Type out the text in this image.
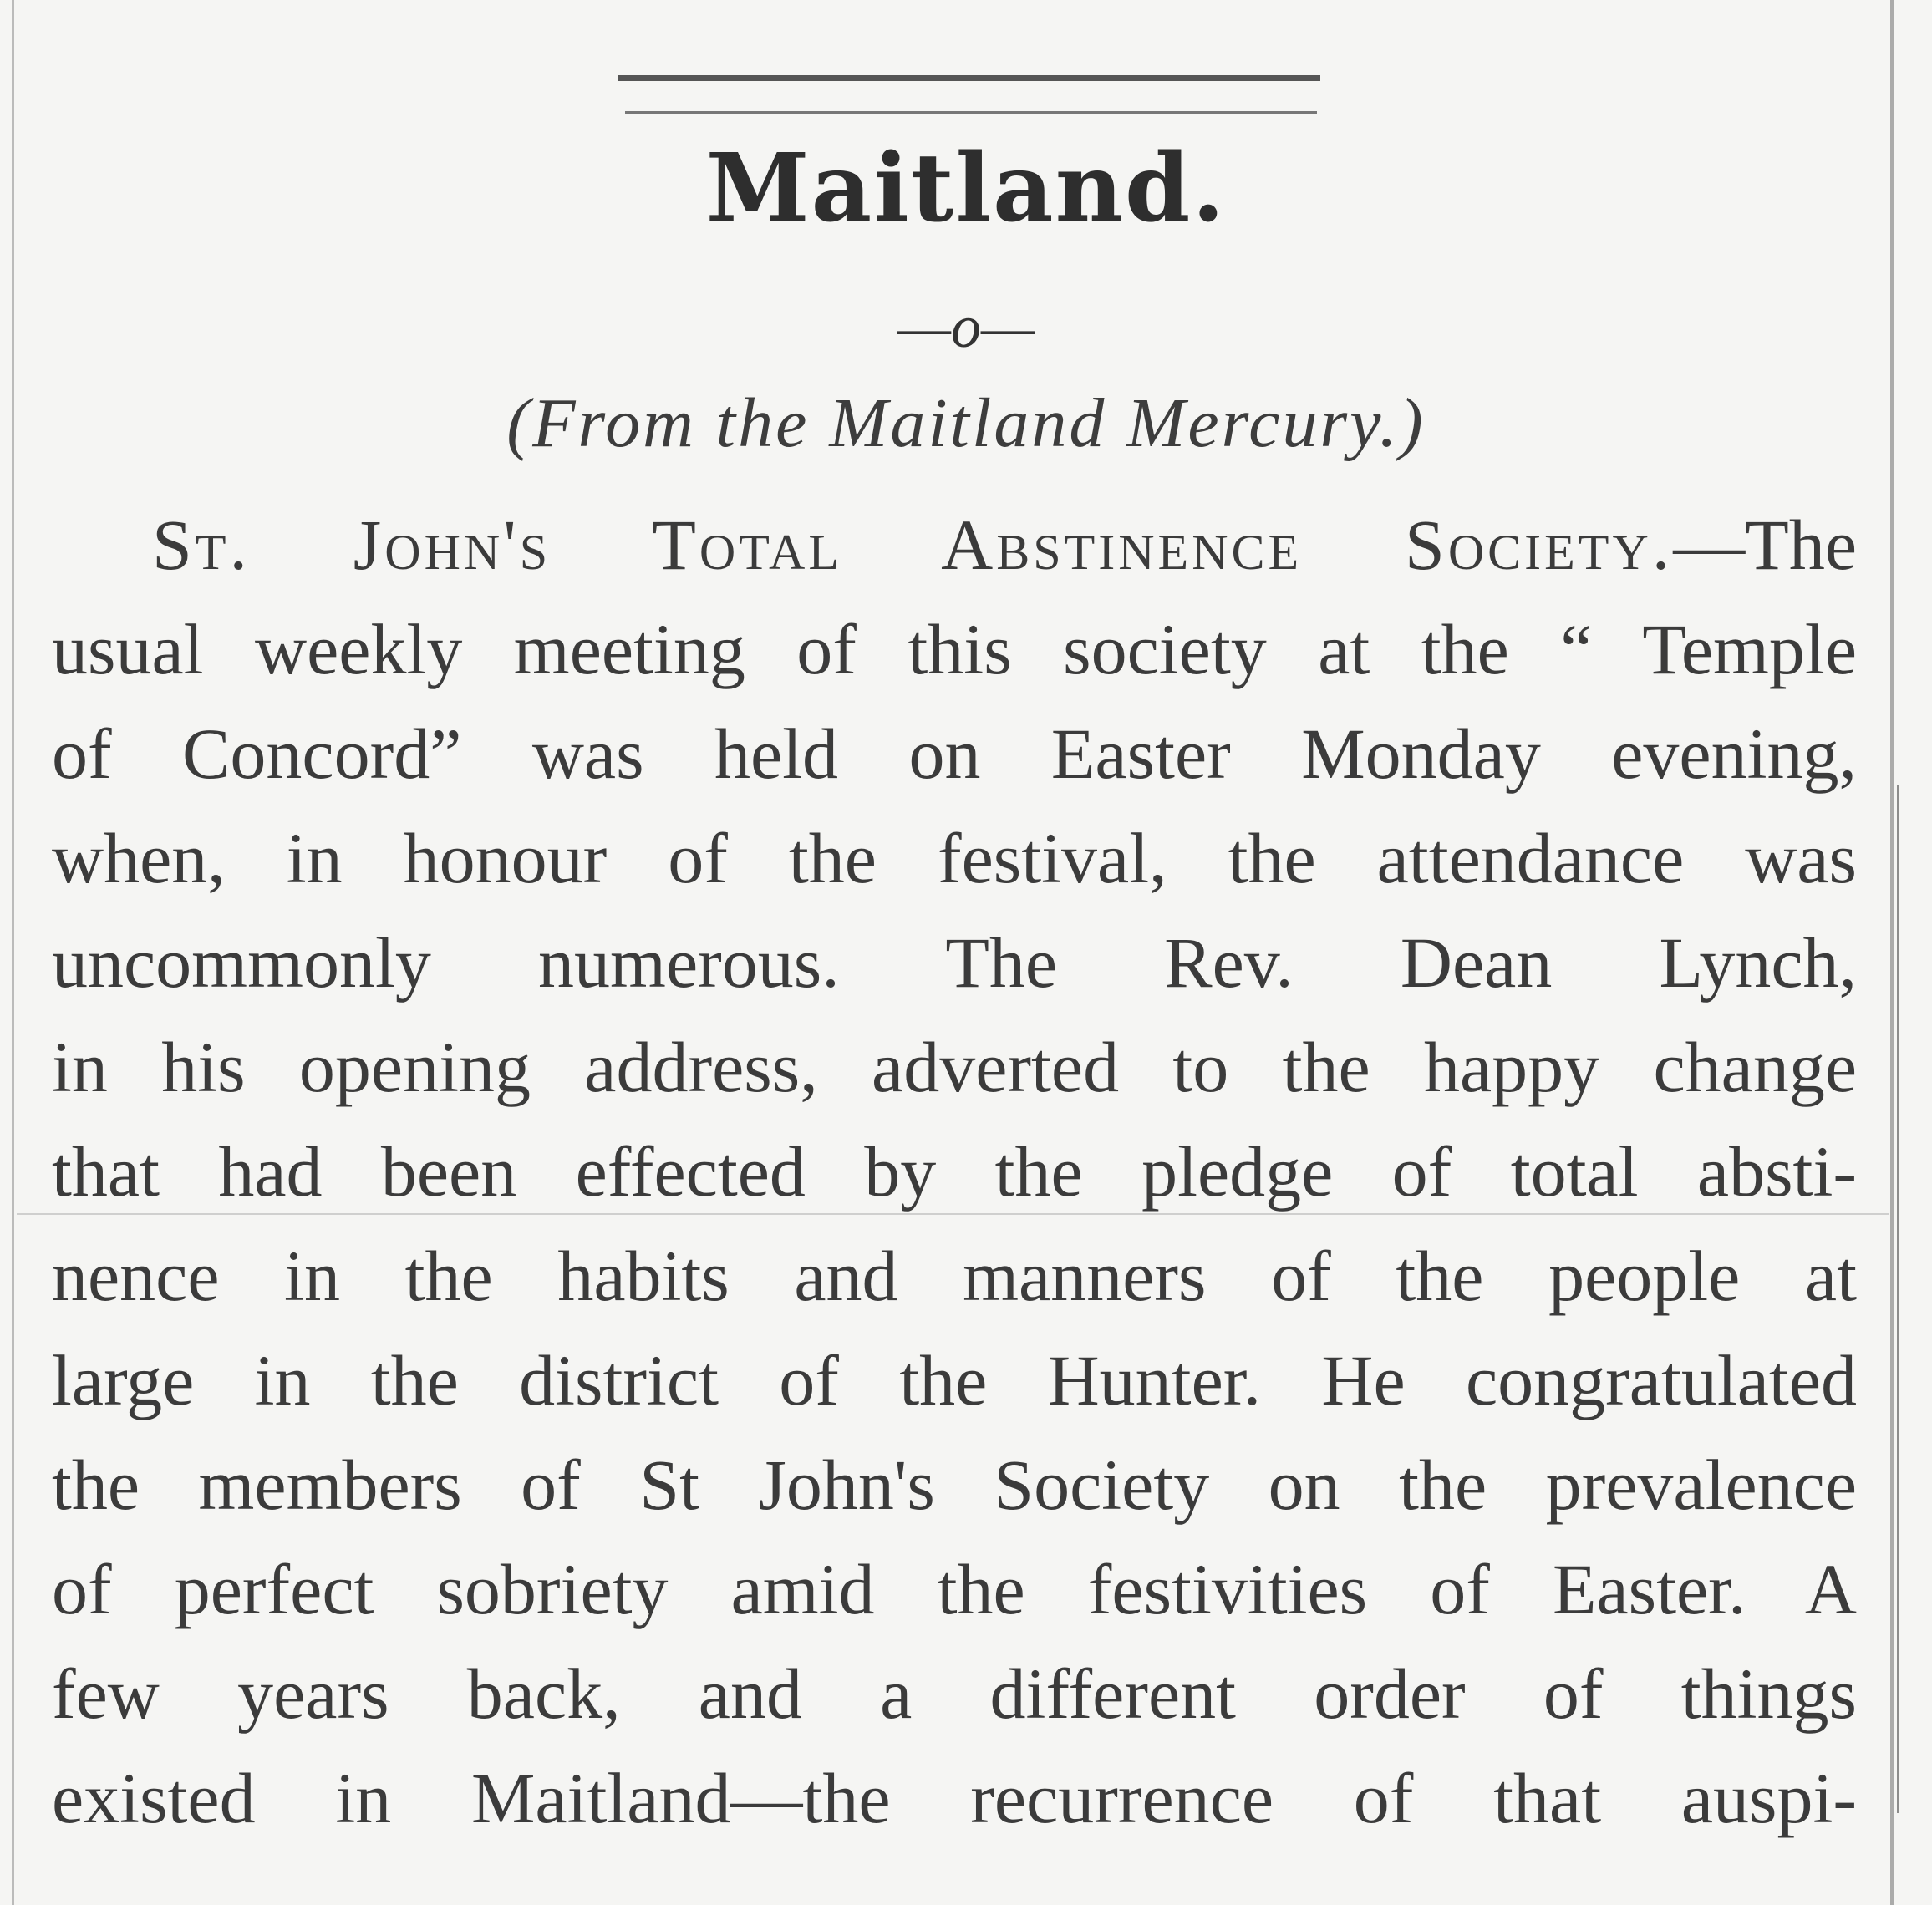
Maitland.
—o—
(From the Maitland Mercury.)
St. John's Total Abstinence Society.—The
usual weekly meeting of this society at the “ Temple
of Concord” was held on Easter Monday evening,
when, in honour of the festival, the attendance was
uncommonly numerous. The Rev. Dean Lynch,
in his opening address, adverted to the happy change
that had been effected by the pledge of total absti-
nence in the habits and manners of the people at
large in the district of the Hunter. He congratulated
the members of St John's Society on the prevalence
of perfect sobriety amid the festivities of Easter. A
few years back, and a different order of things
existed in Maitland—the recurrence of that auspi-
